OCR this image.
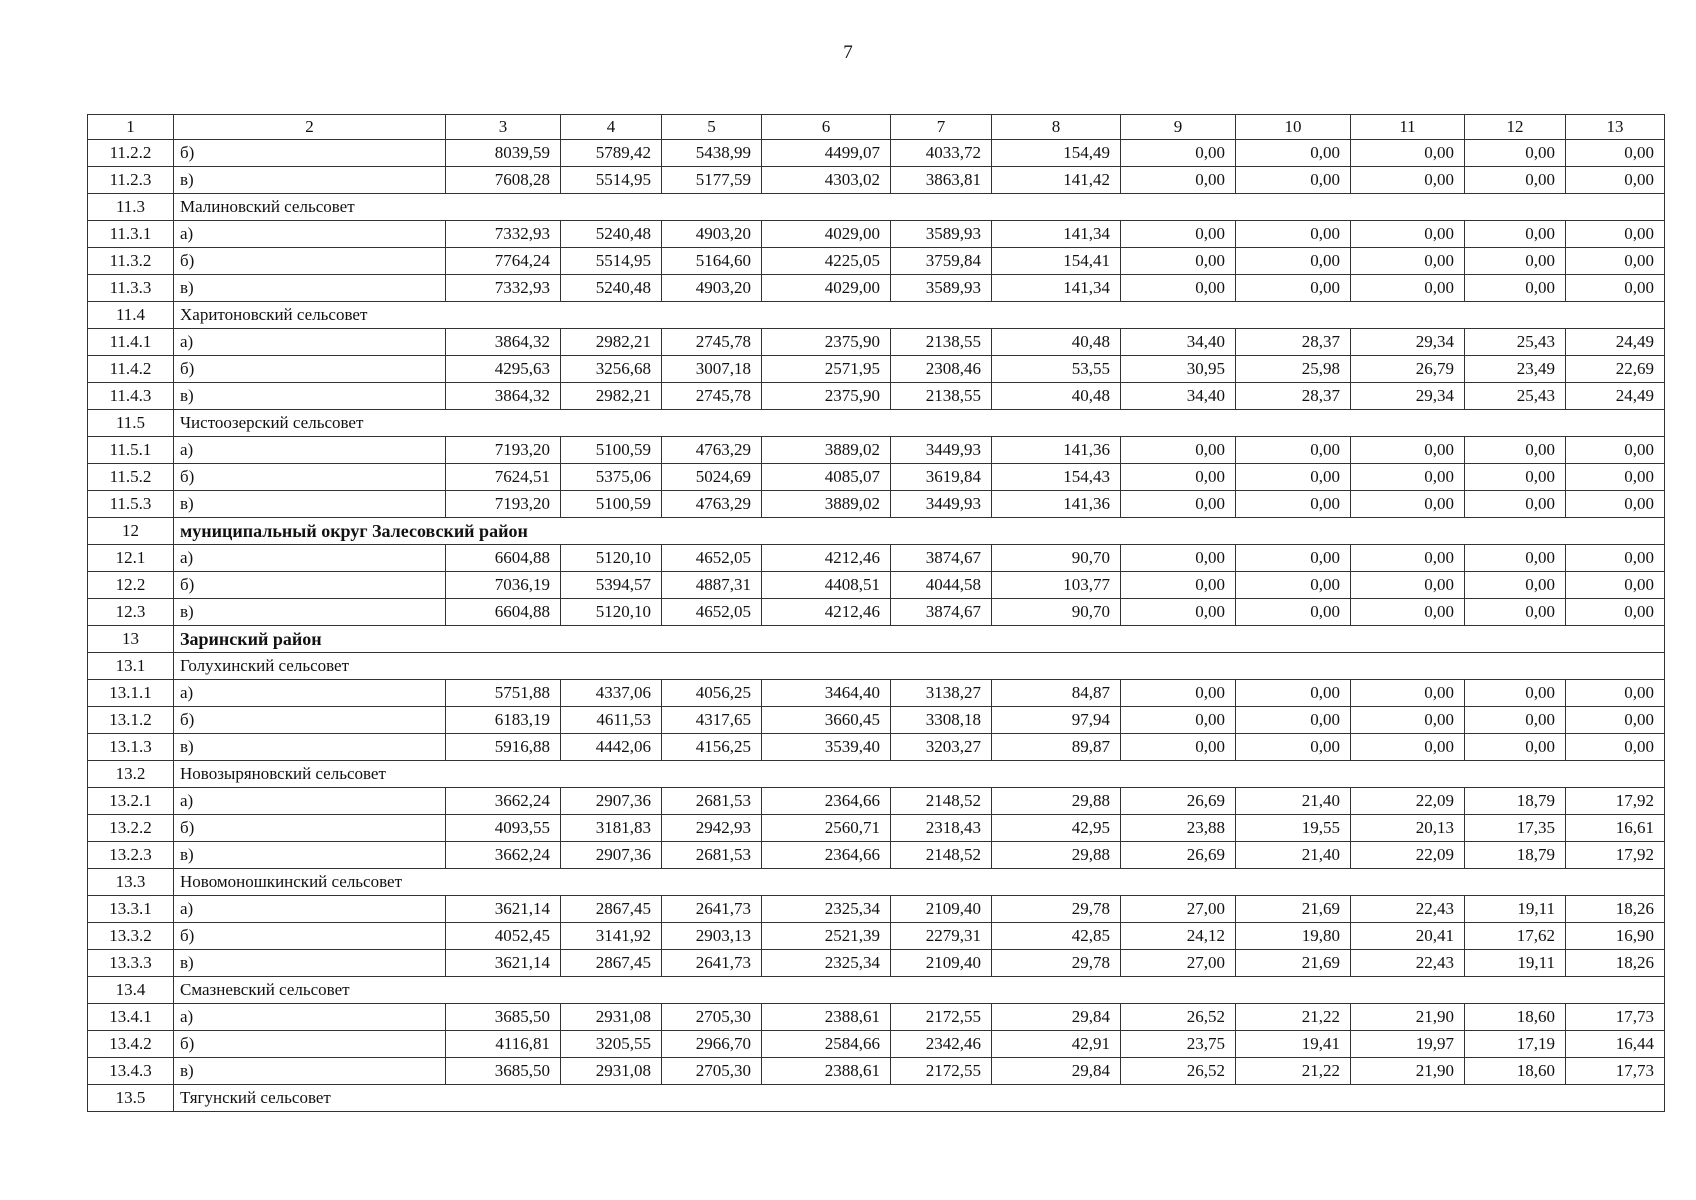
7
1	2	3	4	5	6	7	8	9	10	11	12	13
11.2.2	б)	8039,59	5789,42	5438,99	4499,07	4033,72	154,49	0,00	0,00	0,00	0,00	0,00
11.2.3	в)	7608,28	5514,95	5177,59	4303,02	3863,81	141,42	0,00	0,00	0,00	0,00	0,00
11.3	Малиновский сельсовет											
11.3.1	а)	7332,93	5240,48	4903,20	4029,00	3589,93	141,34	0,00	0,00	0,00	0,00	0,00
11.3.2	б)	7764,24	5514,95	5164,60	4225,05	3759,84	154,41	0,00	0,00	0,00	0,00	0,00
11.3.3	в)	7332,93	5240,48	4903,20	4029,00	3589,93	141,34	0,00	0,00	0,00	0,00	0,00
11.4	Харитоновский сельсовет											
11.4.1	а)	3864,32	2982,21	2745,78	2375,90	2138,55	40,48	34,40	28,37	29,34	25,43	24,49
11.4.2	б)	4295,63	3256,68	3007,18	2571,95	2308,46	53,55	30,95	25,98	26,79	23,49	22,69
11.4.3	в)	3864,32	2982,21	2745,78	2375,90	2138,55	40,48	34,40	28,37	29,34	25,43	24,49
11.5	Чистоозерский сельсовет											
11.5.1	а)	7193,20	5100,59	4763,29	3889,02	3449,93	141,36	0,00	0,00	0,00	0,00	0,00
11.5.2	б)	7624,51	5375,06	5024,69	4085,07	3619,84	154,43	0,00	0,00	0,00	0,00	0,00
11.5.3	в)	7193,20	5100,59	4763,29	3889,02	3449,93	141,36	0,00	0,00	0,00	0,00	0,00
12	муниципальный округ Залесовский район											
12.1	а)	6604,88	5120,10	4652,05	4212,46	3874,67	90,70	0,00	0,00	0,00	0,00	0,00
12.2	б)	7036,19	5394,57	4887,31	4408,51	4044,58	103,77	0,00	0,00	0,00	0,00	0,00
12.3	в)	6604,88	5120,10	4652,05	4212,46	3874,67	90,70	0,00	0,00	0,00	0,00	0,00
13	Заринский район											
13.1	Голухинский сельсовет											
13.1.1	а)	5751,88	4337,06	4056,25	3464,40	3138,27	84,87	0,00	0,00	0,00	0,00	0,00
13.1.2	б)	6183,19	4611,53	4317,65	3660,45	3308,18	97,94	0,00	0,00	0,00	0,00	0,00
13.1.3	в)	5916,88	4442,06	4156,25	3539,40	3203,27	89,87	0,00	0,00	0,00	0,00	0,00
13.2	Новозыряновский сельсовет											
13.2.1	а)	3662,24	2907,36	2681,53	2364,66	2148,52	29,88	26,69	21,40	22,09	18,79	17,92
13.2.2	б)	4093,55	3181,83	2942,93	2560,71	2318,43	42,95	23,88	19,55	20,13	17,35	16,61
13.2.3	в)	3662,24	2907,36	2681,53	2364,66	2148,52	29,88	26,69	21,40	22,09	18,79	17,92
13.3	Новомоношкинский сельсовет											
13.3.1	а)	3621,14	2867,45	2641,73	2325,34	2109,40	29,78	27,00	21,69	22,43	19,11	18,26
13.3.2	б)	4052,45	3141,92	2903,13	2521,39	2279,31	42,85	24,12	19,80	20,41	17,62	16,90
13.3.3	в)	3621,14	2867,45	2641,73	2325,34	2109,40	29,78	27,00	21,69	22,43	19,11	18,26
13.4	Смазневский сельсовет											
13.4.1	а)	3685,50	2931,08	2705,30	2388,61	2172,55	29,84	26,52	21,22	21,90	18,60	17,73
13.4.2	б)	4116,81	3205,55	2966,70	2584,66	2342,46	42,91	23,75	19,41	19,97	17,19	16,44
13.4.3	в)	3685,50	2931,08	2705,30	2388,61	2172,55	29,84	26,52	21,22	21,90	18,60	17,73
13.5	Тягунский сельсовет											
